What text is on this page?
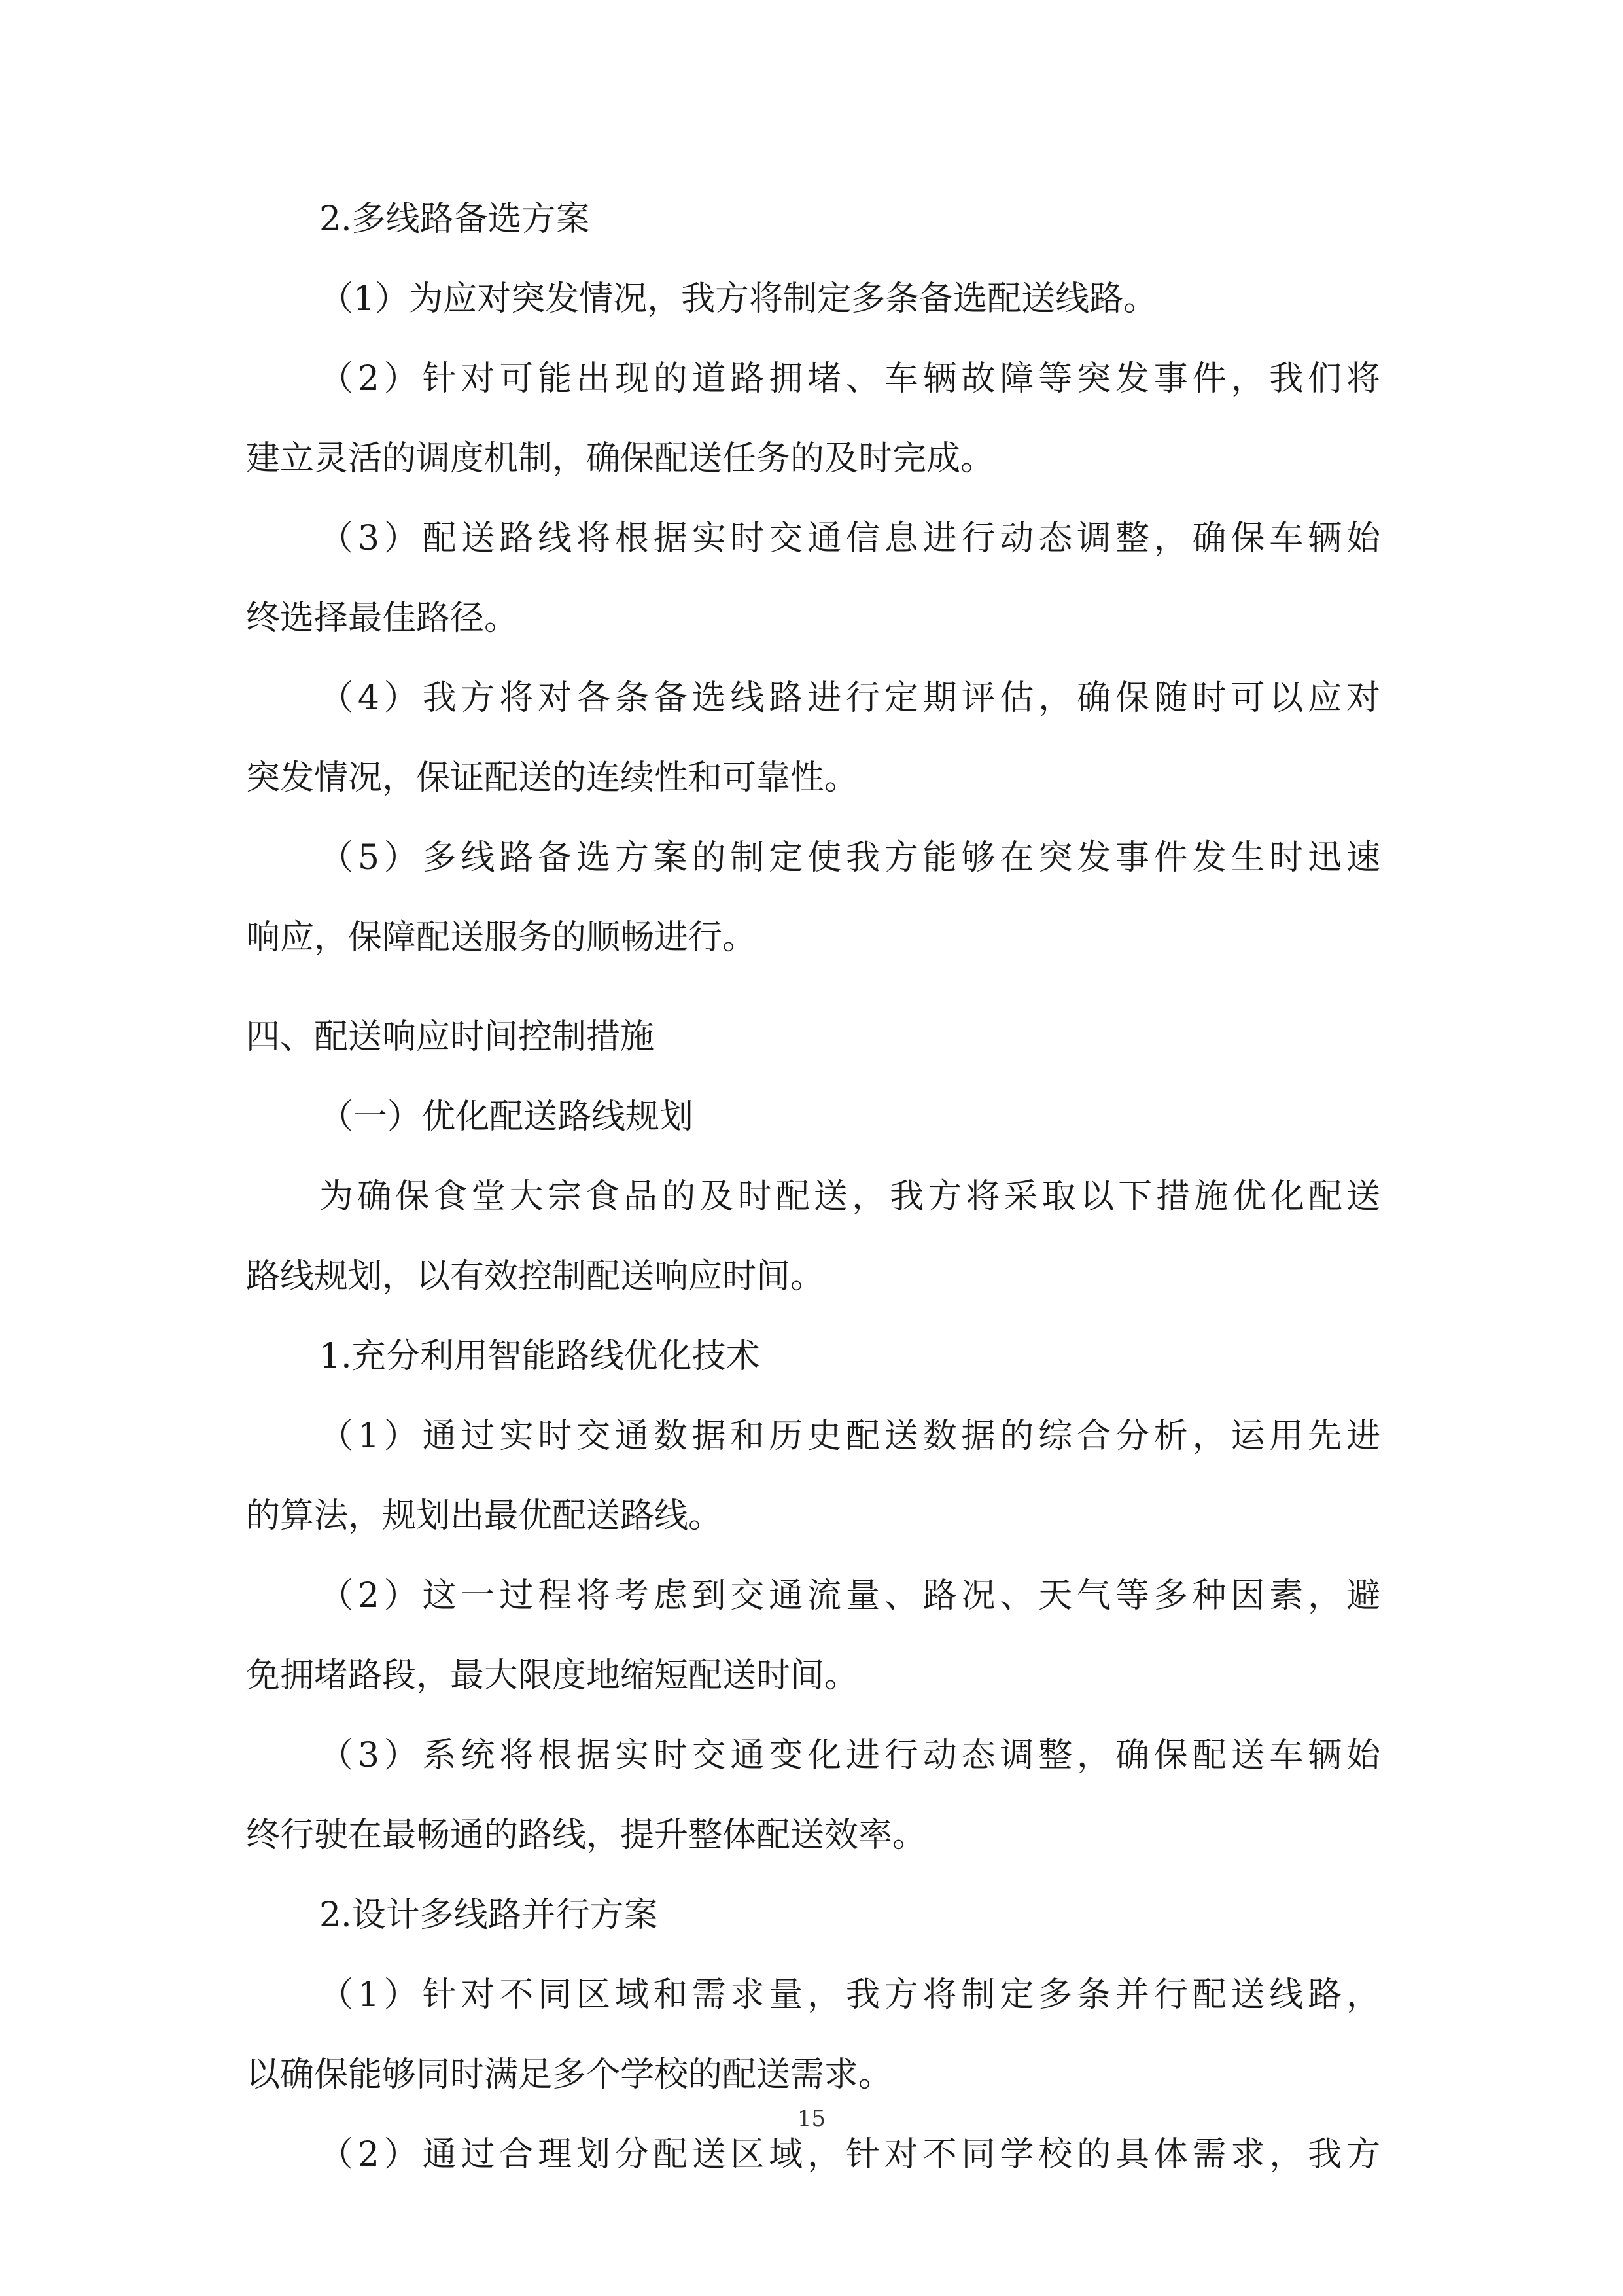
2.多线路备选方案
（1）为应对突发情况，我方将制定多条备选配送线路。
（2）针对可能出现的道路拥堵、车辆故障等突发事件，我们将
建立灵活的调度机制，确保配送任务的及时完成。
（3）配送路线将根据实时交通信息进行动态调整，确保车辆始
终选择最佳路径。
（4）我方将对各条备选线路进行定期评估，确保随时可以应对
突发情况，保证配送的连续性和可靠性。
（5）多线路备选方案的制定使我方能够在突发事件发生时迅速
响应，保障配送服务的顺畅进行。
四、配送响应时间控制措施
（一）优化配送路线规划
为确保食堂大宗食品的及时配送，我方将采取以下措施优化配送
路线规划，以有效控制配送响应时间。
1.充分利用智能路线优化技术
（1）通过实时交通数据和历史配送数据的综合分析，运用先进
的算法，规划出最优配送路线。
（2）这一过程将考虑到交通流量、路况、天气等多种因素，避
免拥堵路段，最大限度地缩短配送时间。
（3）系统将根据实时交通变化进行动态调整，确保配送车辆始
终行驶在最畅通的路线，提升整体配送效率。
2.设计多线路并行方案
（1）针对不同区域和需求量，我方将制定多条并行配送线路，
以确保能够同时满足多个学校的配送需求。
（2）通过合理划分配送区域，针对不同学校的具体需求，我方
15
